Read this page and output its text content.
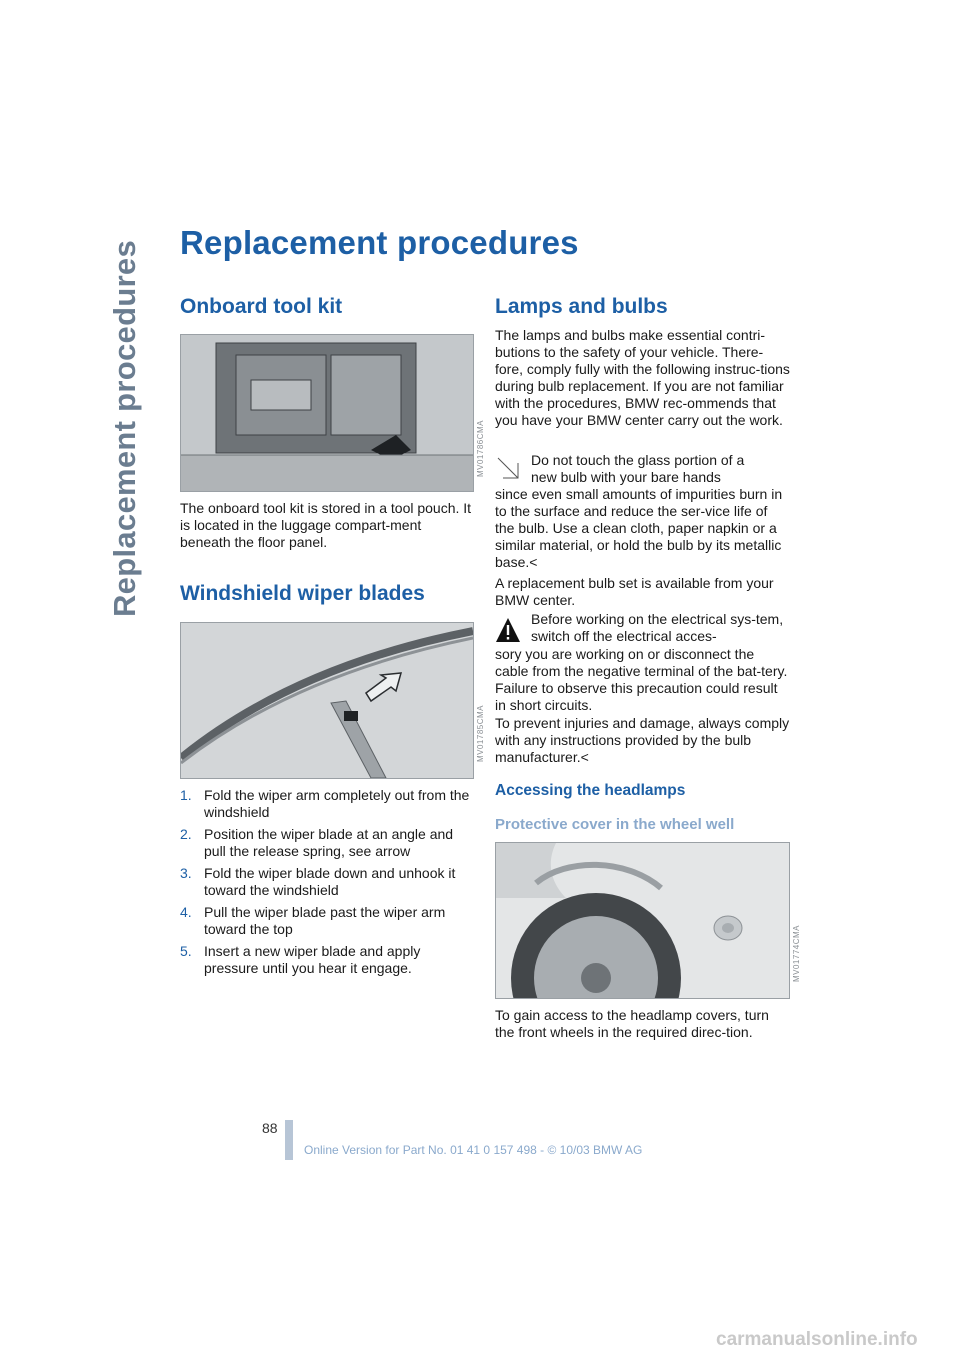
Replacement procedures Replacement procedures
Onboard tool kit
MV01786CMA

The onboard tool kit is stored in a tool pouch. It is located in the luggage compart-ment beneath the floor panel.

Windshield wiper blades
MV01785CMA
1. Fold the wiper arm completely out from the windshield
2. Position the wiper blade at an angle and pull the release spring, see arrow
3. Fold the wiper blade down and unhook it toward the windshield
4. Pull the wiper blade past the wiper arm toward the top
5. Insert a new wiper blade and apply pressure until you hear it engage.
Lamps and bulbs

The lamps and bulbs make essential contri-butions to the safety of your vehicle. There-fore, comply fully with the following instruc-tions during bulb replacement. If you are not familiar with the procedures, BMW rec-ommends that you have your BMW center carry out the work.

Do not touch the glass portion of a new bulb with your bare hands

since even small amounts of impurities burn in to the surface and reduce the ser-vice life of the bulb. Use a clean cloth, paper napkin or a similar material, or hold the bulb by its metallic base.<

A replacement bulb set is available from your BMW center.

Before working on the electrical sys-tem, switch off the electrical acces-

sory you are working on or disconnect the cable from the negative terminal of the bat-tery. Failure to observe this precaution could result in short circuits.

To prevent injuries and damage, always comply with any instructions provided by the bulb manufacturer.<

Accessing the headlamps
Protective cover in the wheel well
MV01774CMA

To gain access to the headlamp covers, turn the front wheels in the required direc-tion.

88
Online Version for Part No. 01 41 0 157 498 - © 10/03 BMW AG
carmanualsonline.info
